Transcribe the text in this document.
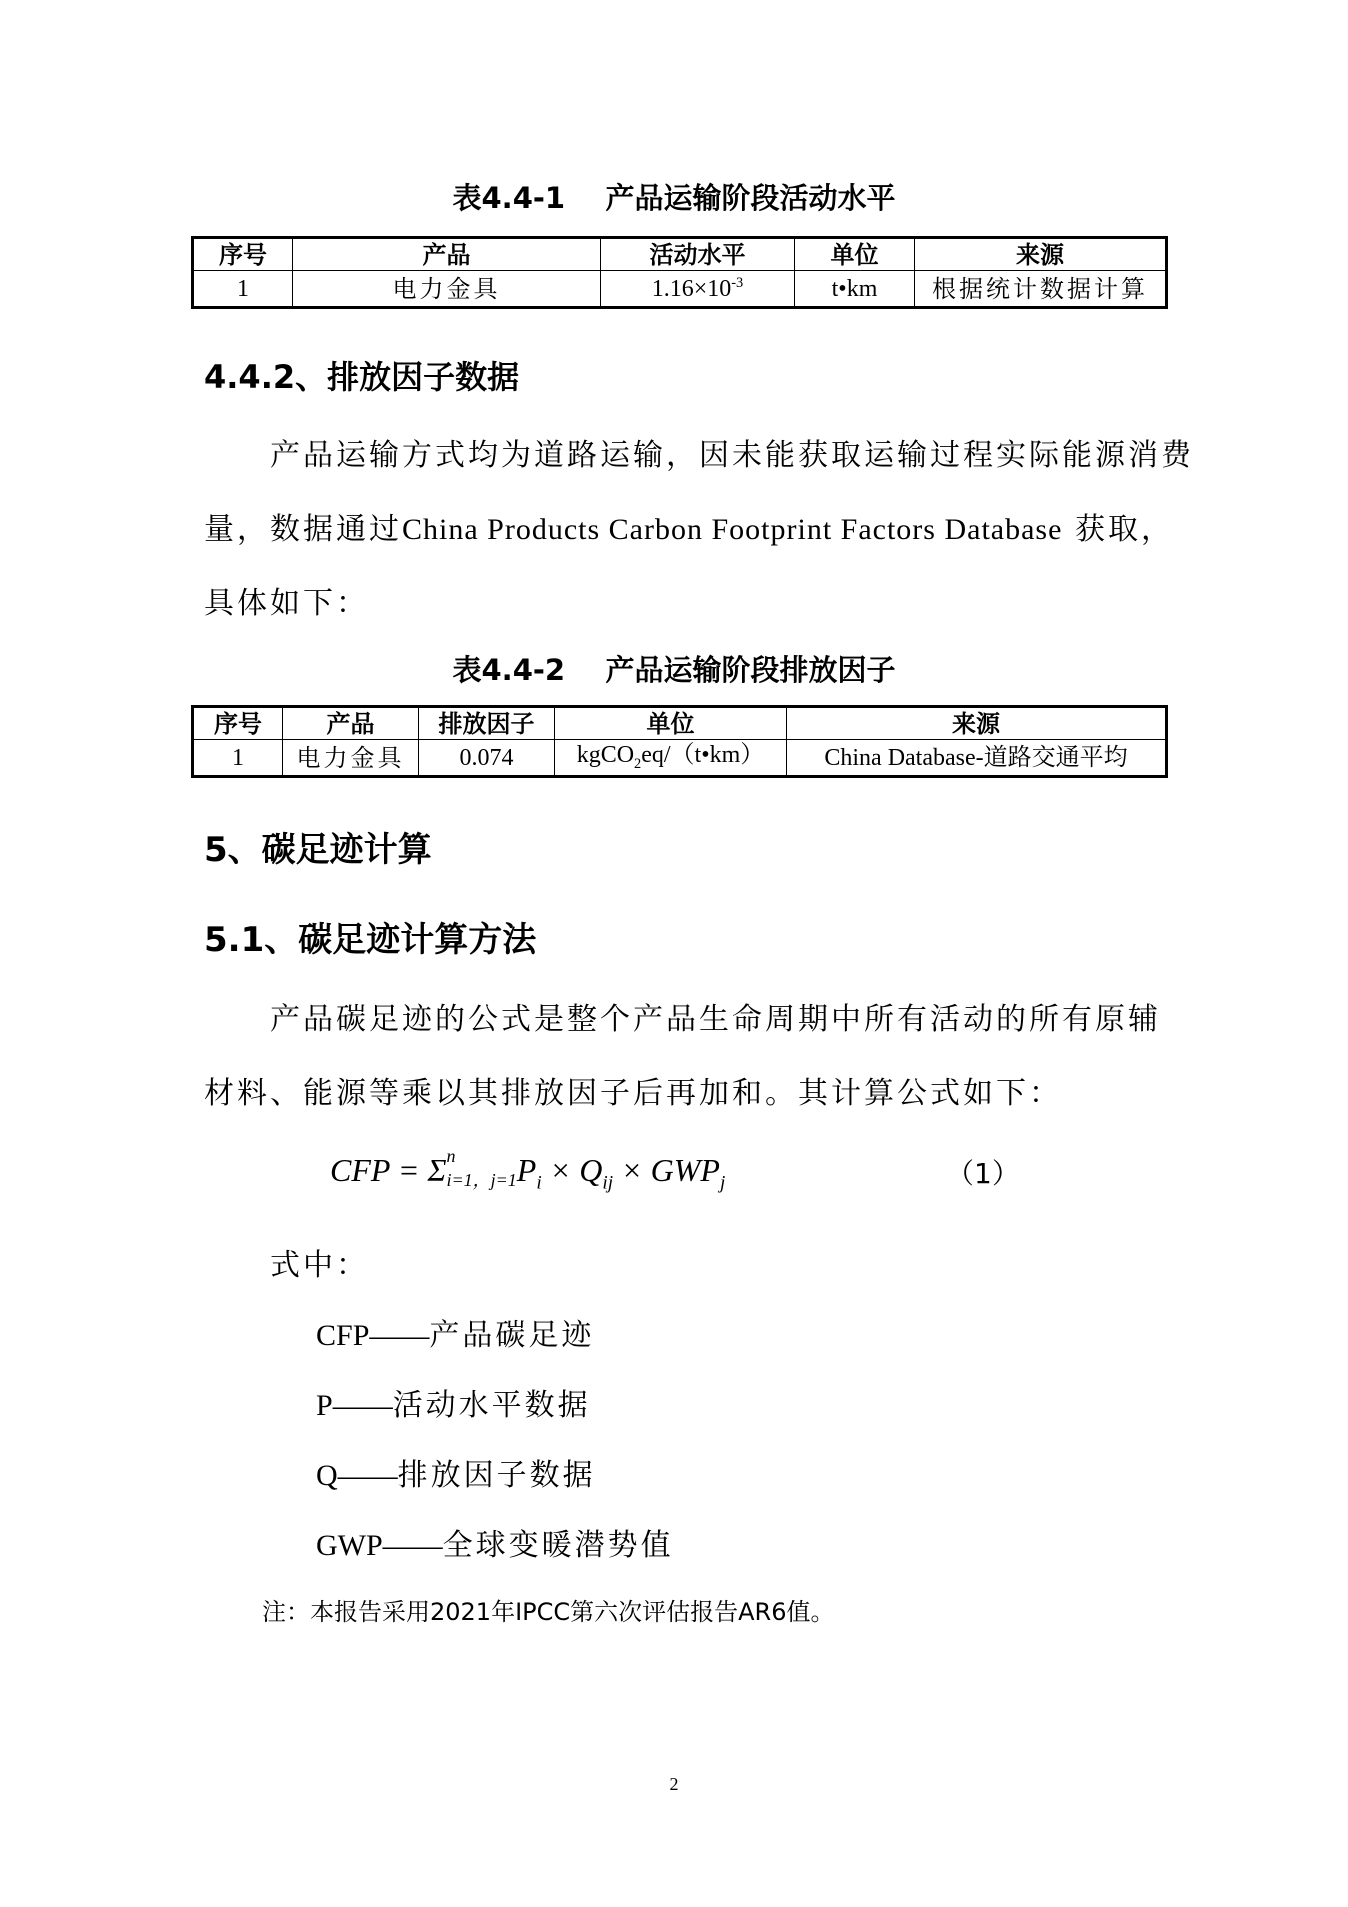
表4.4-1 产品运输阶段活动水平
序号	产品	活动水平	单位	来源
1	电力金具	$1.16\times 10^{-3}$	t•km	根据统计数据计算
4.4.2、排放因子数据
产品运输方式均为道路运输，因未能获取运输过程实际能源消费
量，数据通过China Products Carbon Footprint Factors Database 获取，
具体如下：
表4.4-2 产品运输阶段排放因子
序号	产品	排放因子	单位	来源
1	电力金具	0.074	kgCO$_2$eq/（t•km）	China Database-道路交通平均
5、碳足迹计算
5.1、碳足迹计算方法
产品碳足迹的公式是整个产品生命周期中所有活动的所有原辅
材料、能源等乘以其排放因子后再加和。其计算公式如下：
CFP = Σ n
i=1，j=1 $P_i \times Q_{ij} \times GWP_j$	（1）
式中：
CFP——产品碳足迹
P——活动水平数据
Q——排放因子数据
GWP——全球变暖潜势值
注：本报告采用2021年IPCC第六次评估报告AR6值。
2
